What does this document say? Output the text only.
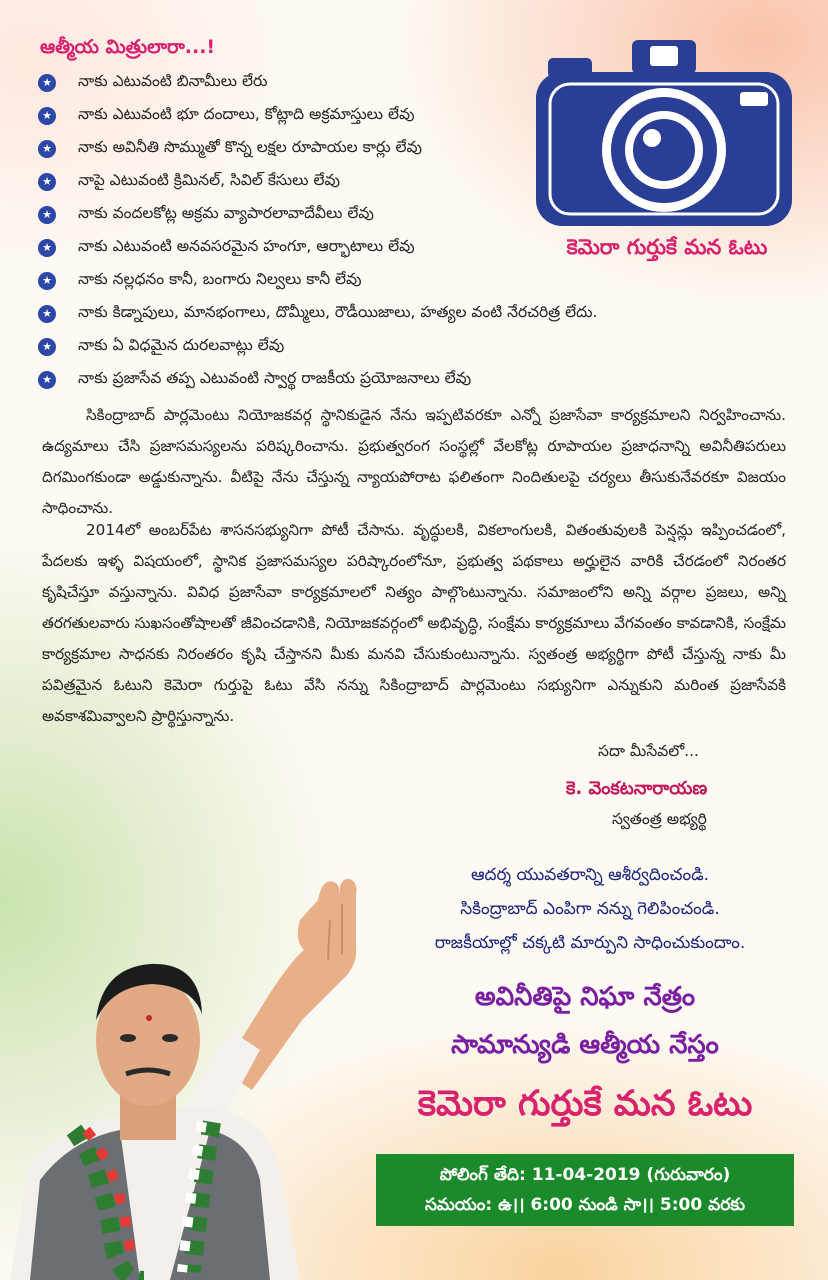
ఆత్మీయ మిత్రులారా...!
★ నాకు ఎటువంటి బినామీలు లేరు
★ నాకు ఎటువంటి భూ దందాలు, కోట్లాది అక్రమాస్తులు లేవు
★ నాకు అవినీతి సొమ్ముతో కొన్న లక్షల రూపాయల కార్లు లేవు
★ నాపై ఎటువంటి క్రిమినల్, సివిల్ కేసులు లేవు
★ నాకు వందలకోట్ల అక్రమ వ్యాపారలావాదేవీలు లేవు
★ నాకు ఎటువంటి అనవసరమైన హంగూ, ఆర్భాటాలు లేవు
★ నాకు నల్లధనం కానీ, బంగారు నిల్వలు కానీ లేవు
★ నాకు కిడ్నాపులు, మానభంగాలు, దొమ్మీలు, రౌడీయిజాలు, హత్యల వంటి నేరచరిత్ర లేదు.
★ నాకు ఏ విధమైన దురలవాట్లు లేవు
★ నాకు ప్రజాసేవ తప్ప ఎటువంటి స్వార్థ రాజకీయ ప్రయోజనాలు లేవు
కెమెరా గుర్తుకే మన ఓటు

సికింద్రాబాద్ పార్లమెంటు నియోజకవర్గ స్థానికుడైన నేను ఇప్పటివరకూ ఎన్నో ప్రజాసేవా కార్యక్రమాలని నిర్వహించాను. ఉద్యమాలు చేసి ప్రజాసమస్యలను పరిష్కరించాను. ప్రభుత్వరంగ సంస్థల్లో వేలకోట్ల రూపాయల ప్రజాధనాన్ని అవినీతిపరులు దిగమింగకుండా అడ్డుకున్నాను. వీటిపై నేను చేస్తున్న న్యాయపోరాట ఫలితంగా నిందితులపై చర్యలు తీసుకునేవరకూ విజయం సాధించాను.

2014లో అంబర్‌పేట శాసనసభ్యునిగా పోటీ చేసాను. వృద్ధులకి, వికలాంగులకి, వితంతువులకి పెన్షన్లు ఇప్పించడంలో, పేదలకు ఇళ్ళ విషయంలో, స్థానిక ప్రజాసమస్యల పరిష్కారంలోనూ, ప్రభుత్వ పథకాలు అర్హులైన వారికి చేరడంలో నిరంతర కృషిచేస్తూ వస్తున్నాను. వివిధ ప్రజాసేవా కార్యక్రమాలలో నిత్యం పాల్గొంటున్నాను. సమాజంలోని అన్ని వర్గాల ప్రజలు, అన్ని తరగతులవారు సుఖసంతోషాలతో జీవించడానికి, నియోజకవర్గంలో అభివృద్ధి, సంక్షేమ కార్యక్రమాలు వేగవంతం కావడానికి, సంక్షేమ కార్యక్రమాల సాధనకు నిరంతరం కృషి చేస్తానని మీకు మనవి చేసుకుంటున్నాను. స్వతంత్ర అభ్యర్థిగా పోటీ చేస్తున్న నాకు మీ పవిత్రమైన ఓటుని కెమెరా గుర్తుపై ఓటు వేసి నన్ను సికింద్రాబాద్ పార్లమెంటు సభ్యునిగా ఎన్నుకుని మరింత ప్రజాసేవకి అవకాశమివ్వాలని ప్రార్థిస్తున్నాను.

సదా మీసేవలో...
కె. వెంకటనారాయణ
స్వతంత్ర అభ్యర్థి
ఆదర్శ యువతరాన్ని ఆశీర్వదించండి.
సికింద్రాబాద్ ఎంపిగా నన్ను గెలిపించండి.
రాజకీయాల్లో చక్కటి మార్పుని సాధించుకుందాం.
అవినీతిపై నిఘా నేత్రం
సామాన్యుడి ఆత్మీయ నేస్తం
కెమెరా గుర్తుకే మన ఓటు
పోలింగ్ తేది: 11-04-2019 (గురువారం)
సమయం: ఉ।। 6:00 నుండి సా।। 5:00 వరకు
